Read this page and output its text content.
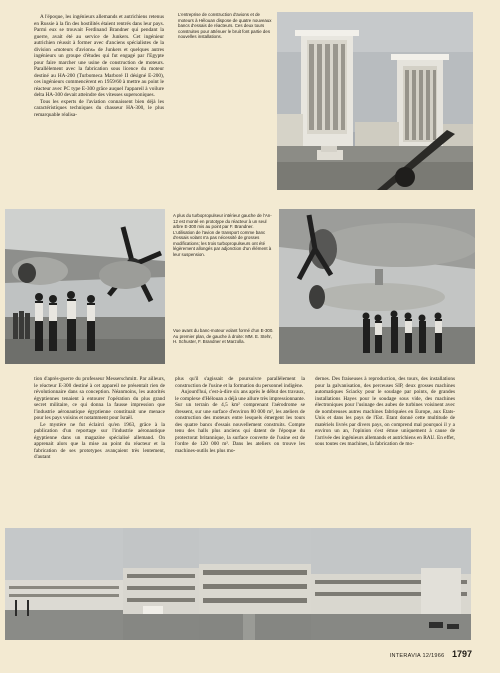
A l'époque, les ingénieurs allemands et autrichiens retenus en Russie à la fin des hostilités étaient rentrés dans leur pays. Parmi eux se trouvait Ferdinand Brandner qui pendant la guerre, avait été au service de Junkers. Cet ingénieur autrichien réussit à former avec d'anciens spécialistes de la division «moteurs d'avions» de Junkers et quelques autres ingénieurs un groupe d'études qui fut engagé par l'Egypte pour faire marcher une usine de construction de moteurs. Parallèlement avec la fabrication sous licence du moteur destiné au HA-200 (Turbomeca Marboré II désigné E-200), ces ingénieurs commencèrent en 1959/60 à mettre au point le réacteur avec PC type E-300 grâce auquel l'appareil à voilure delta HA-300 devait atteindre des vitesses supersoniques.

Tous les experts de l'aviation connaissent bien déjà les caractéristiques techniques du chasseur HA-300, le plus remarquable réalisa-

L'entreprise de construction d'avions et de moteurs à Hélouan dispose de quatre nouveaux bancs d'essais de réacteurs. Ces deux tours construites pour atténuer le bruit font partie des nouvelles installations.

A plus du turbopropulseur intérieur gauche de l'An-12 est monté en prototype du réacteur à un seul arbre E-300 mis au point par F. Brandner. L'utilisation de l'avion de transport comme banc d'essais volant n'a pas nécessité de grosses modifications; les trois turbopropulseurs ont été légèrement allongés par adjonction d'un élément à leur suspension.

Vue avant du banc-moteur volant formé d'un E-300. Au premier plan, de gauche à droite: MM. E. Stehr, H. Schuster, F. Brandner et Marzolla.

tion d'après-guerre du professeur Messerschmitt. Par ailleurs, le réacteur E-300 destiné à cet appareil ne présentait rien de révolutionnaire dans sa conception. Néanmoins, les autorités égyptiennes tenaient à entourer l'opération du plus grand secret militaire, ce qui donna la fausse impression que l'industrie aéronautique égyptienne constituait une menace pour les pays voisins et notamment pour Israël.

Le mystère ne fut éclairci qu'en 1963, grâce à la publication d'un reportage sur l'industrie aéronautique égyptienne dans un magazine spécialisé allemand. On apprenait alors que la mise au point du réacteur et la fabrication de ses prototypes avançaient très lentement, d'autant

plus qu'il s'agissait de poursuivre parallèlement la construction de l'usine et la formation du personnel indigène.

Aujourd'hui, c'est-à-dire six ans après le début des travaux, le complexe d'Hélouan a déjà une allure très impressionnante. Sur un terrain de 4,5 km² comprenant l'aérodrome se dressent, sur une surface d'environ 80 000 m², les ateliers de construction des moteurs entre lesquels émergent les tours des quatre bancs d'essais nouvellement construits. Compte tenu des halls plus anciens qui datent de l'époque du protectorat britannique, la surface couverte de l'usine est de l'ordre de 120 000 m². Dans les ateliers on trouve les machines-outils les plus mo-

dernes. Des fraiseuses à reproduction, des tours, des installations pour la galvanisation, des perceuses SIP, deux grosses machines automatiques Sciacky pour le soudage par points, de grandes installations Hayes pour le soudage sous vide, des machines électroniques pour l'usinage des aubes de turbines voisinent avec de nombreuses autres machines fabriquées en Europe, aux Etats-Unis et dans les pays de l'Est. Etant donné cette multitude de matériels livrés par divers pays, on comprend mal pourquoi il y a environ un an, l'opinion s'est émue uniquement à cause de l'arrivée des ingénieurs allemands et autrichiens en RAU. En effet, sous toutes ces machines, la fabrication de mo-

INTERAVIA 12/1966 1797
